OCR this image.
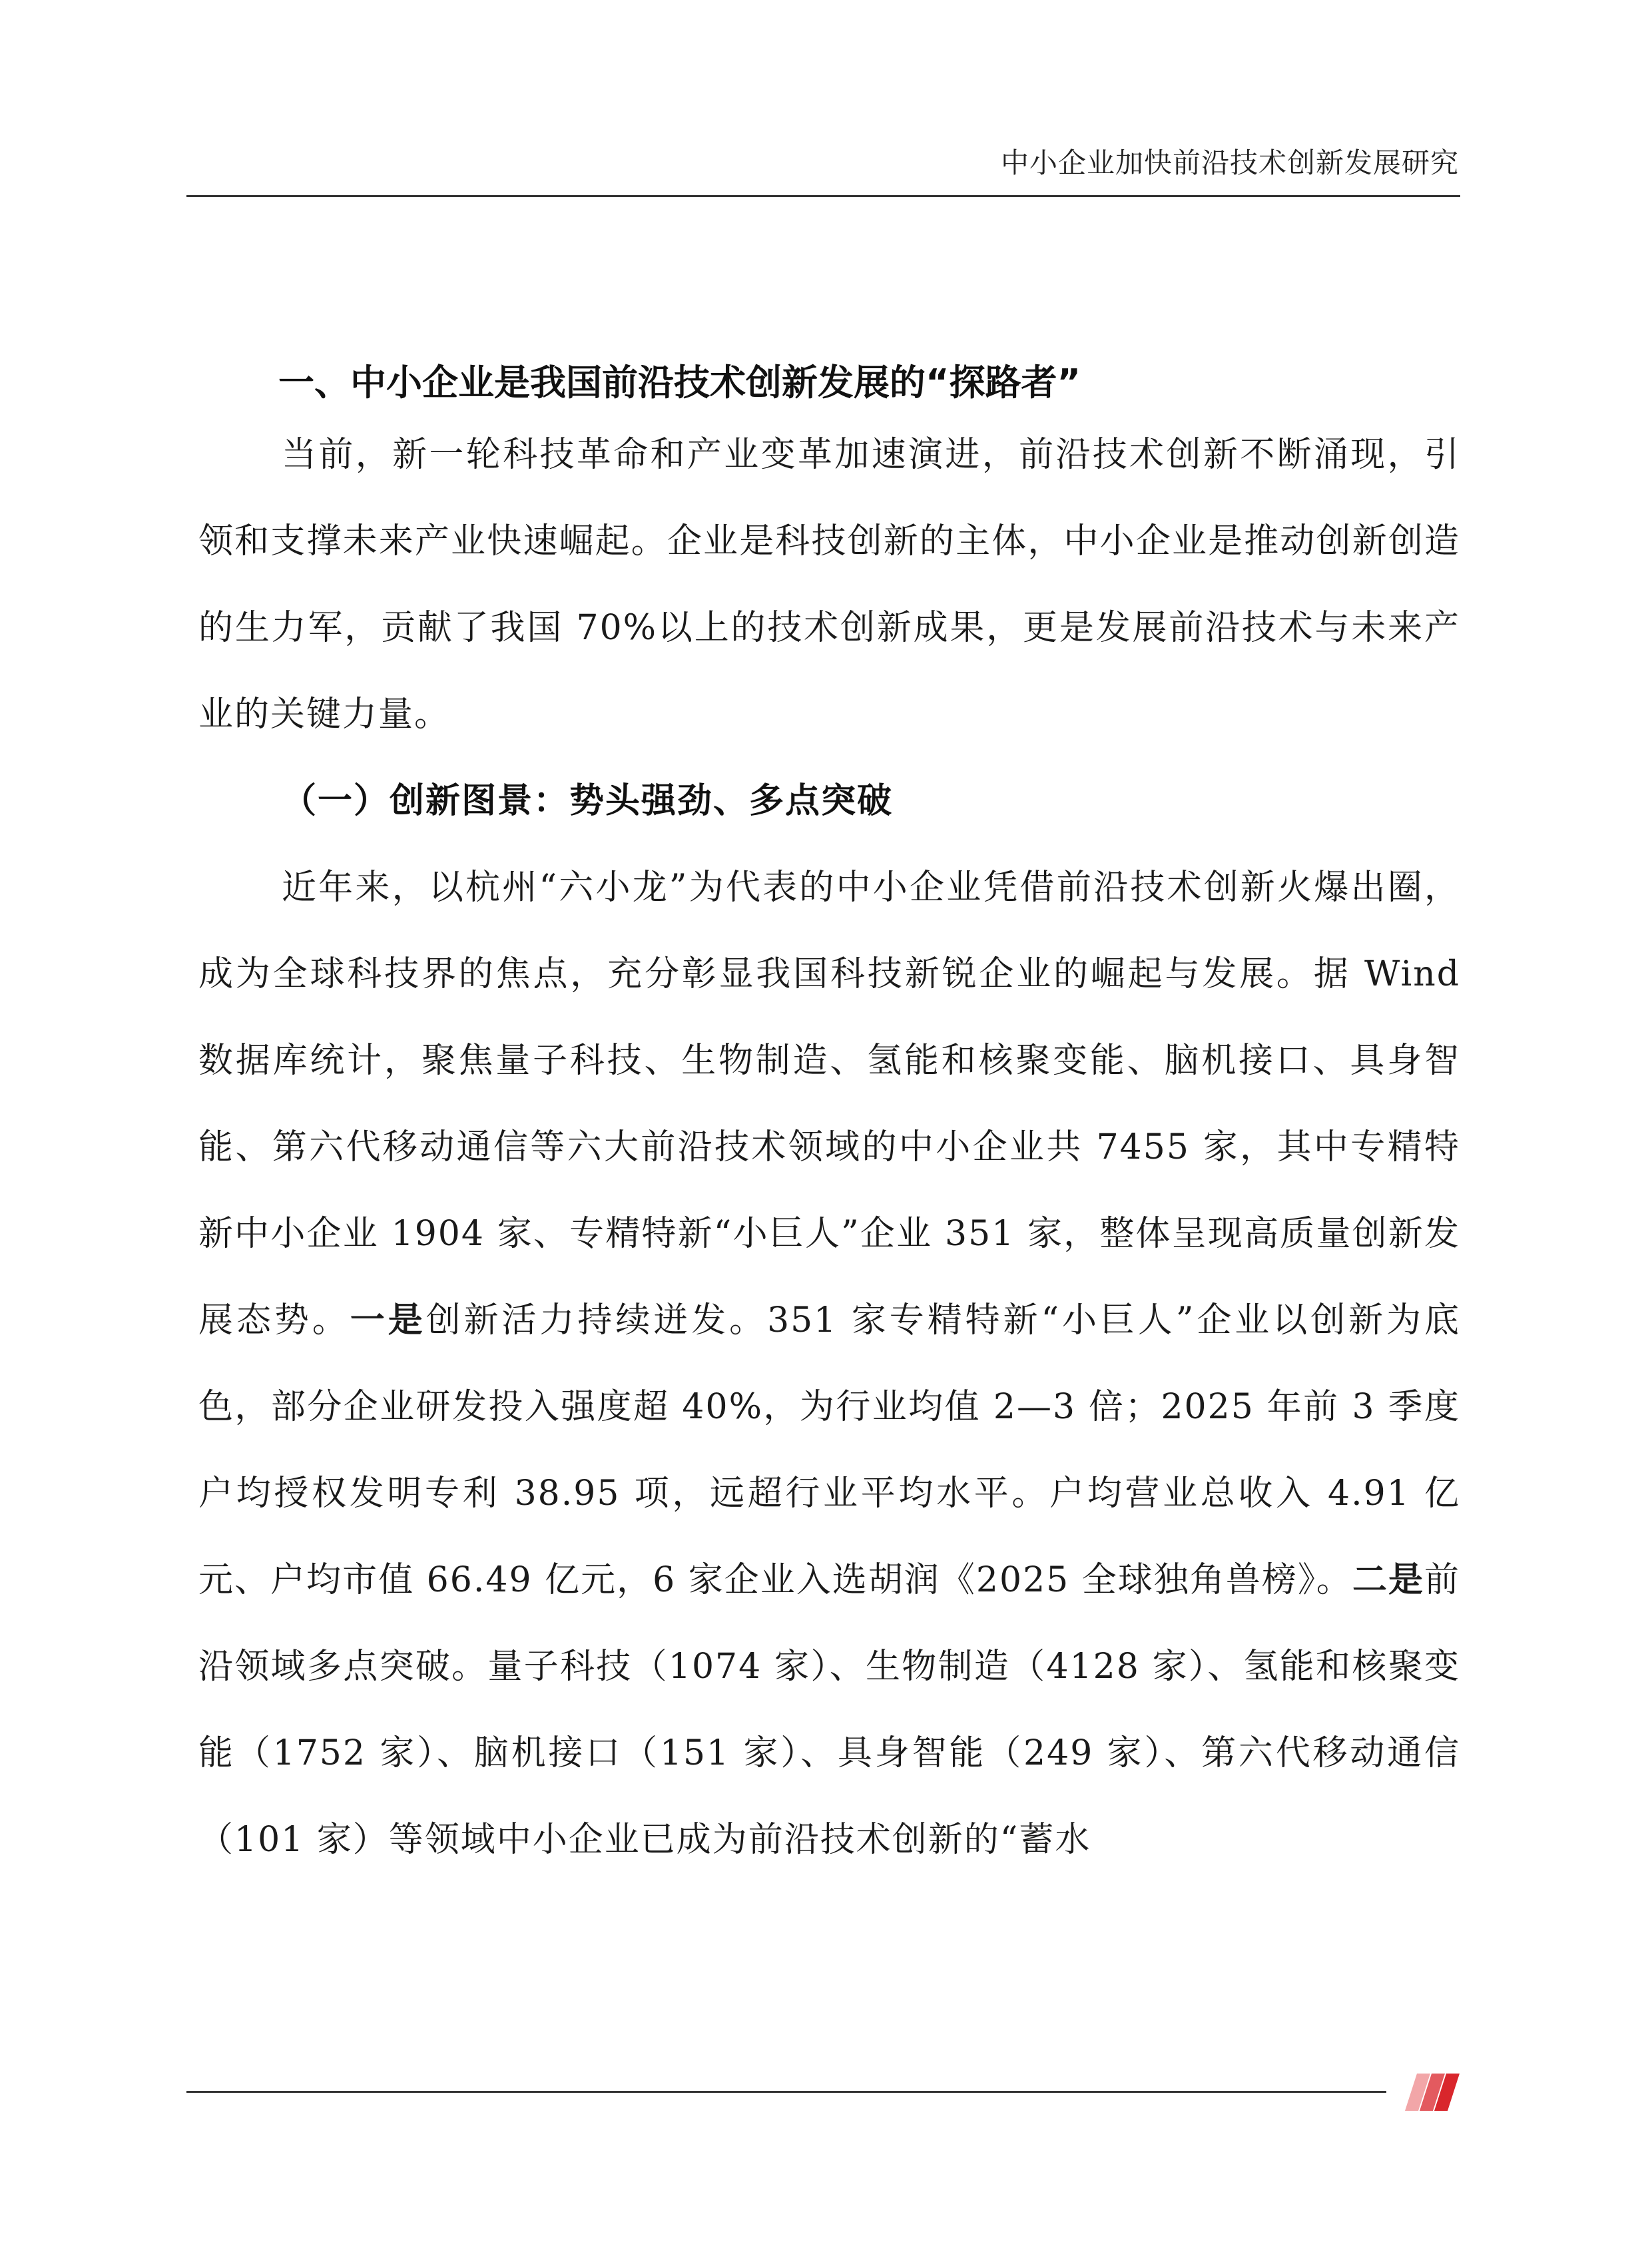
中小企业加快前沿技术创新发展研究
一、中小企业是我国前沿技术创新发展的“探路者”

当前，新一轮科技革命和产业变革加速演进，前沿技术创新不断涌现，引领和支撑未来产业快速崛起。企业是科技创新的主体，中小企业是推动创新创造的生力军，贡献了我国 70%以上的技术创新成果，更是发展前沿技术与未来产业的关键力量。

（一）创新图景：势头强劲、多点突破

近年来，以杭州“六小龙”为代表的中小企业凭借前沿技术创新火爆出圈，成为全球科技界的焦点，充分彰显我国科技新锐企业的崛起与发展。据 Wind 数据库统计，聚焦量子科技、生物制造、氢能和核聚变能、脑机接口、具身智能、第六代移动通信等六大前沿技术领域的中小企业共 7455 家，其中专精特新中小企业 1904 家、专精特新“小巨人”企业 351 家，整体呈现高质量创新发展态势。一是创新活力持续迸发。351 家专精特新“小巨人”企业以创新为底色，部分企业研发投入强度超 40%，为行业均值 2—3 倍；2025 年前 3 季度户均授权发明专利 38.95 项，远超行业平均水平。户均营业总收入 4.91 亿元、户均市值 66.49 亿元，6 家企业入选胡润《2025 全球独角兽榜》。二是前沿领域多点突破。量子科技（1074 家）、生物制造（4128 家）、氢能和核聚变能（1752 家）、脑机接口（151 家）、具身智能（249 家）、第六代移动通信（101 家）等领域中小企业已成为前沿技术创新的“蓄水
